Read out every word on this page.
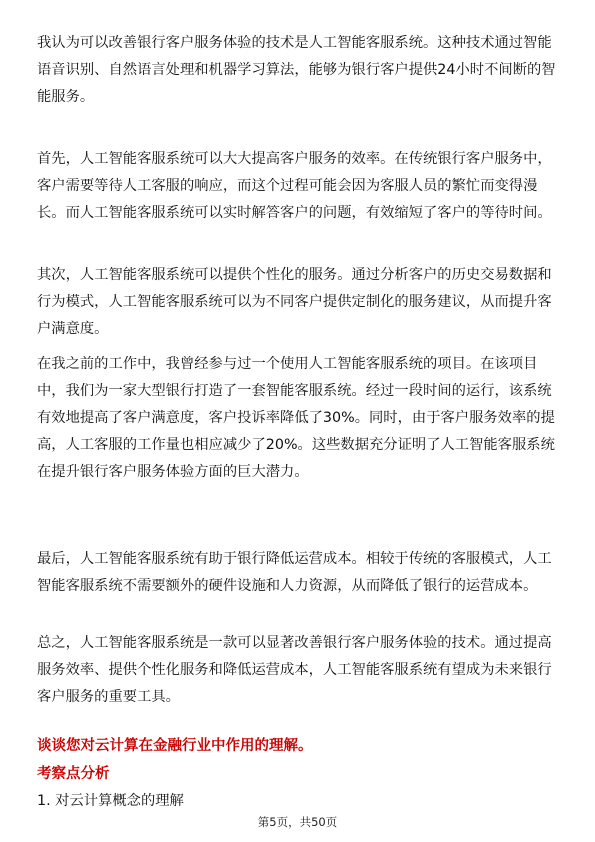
我认为可以改善银行客户服务体验的技术是人工智能客服系统。这种技术通过智能语音识别、自然语言处理和机器学习算法，能够为银行客户提供24小时不间断的智能服务。

首先，人工智能客服系统可以大大提高客户服务的效率。在传统银行客户服务中，客户需要等待人工客服的响应，而这个过程可能会因为客服人员的繁忙而变得漫长。而人工智能客服系统可以实时解答客户的问题，有效缩短了客户的等待时间。

其次，人工智能客服系统可以提供个性化的服务。通过分析客户的历史交易数据和行为模式，人工智能客服系统可以为不同客户提供定制化的服务建议，从而提升客户满意度。

在我之前的工作中，我曾经参与过一个使用人工智能客服系统的项目。在该项目中，我们为一家大型银行打造了一套智能客服系统。经过一段时间的运行，该系统有效地提高了客户满意度，客户投诉率降低了30%。同时，由于客户服务效率的提高，人工客服的工作量也相应减少了20%。这些数据充分证明了人工智能客服系统在提升银行客户服务体验方面的巨大潜力。

最后，人工智能客服系统有助于银行降低运营成本。相较于传统的客服模式，人工智能客服系统不需要额外的硬件设施和人力资源，从而降低了银行的运营成本。

总之，人工智能客服系统是一款可以显著改善银行客户服务体验的技术。通过提高服务效率、提供个性化服务和降低运营成本，人工智能客服系统有望成为未来银行客户服务的重要工具。

谈谈您对云计算在金融行业中作用的理解。

考察点分析

1. 对云计算概念的理解

第5页，共50页
